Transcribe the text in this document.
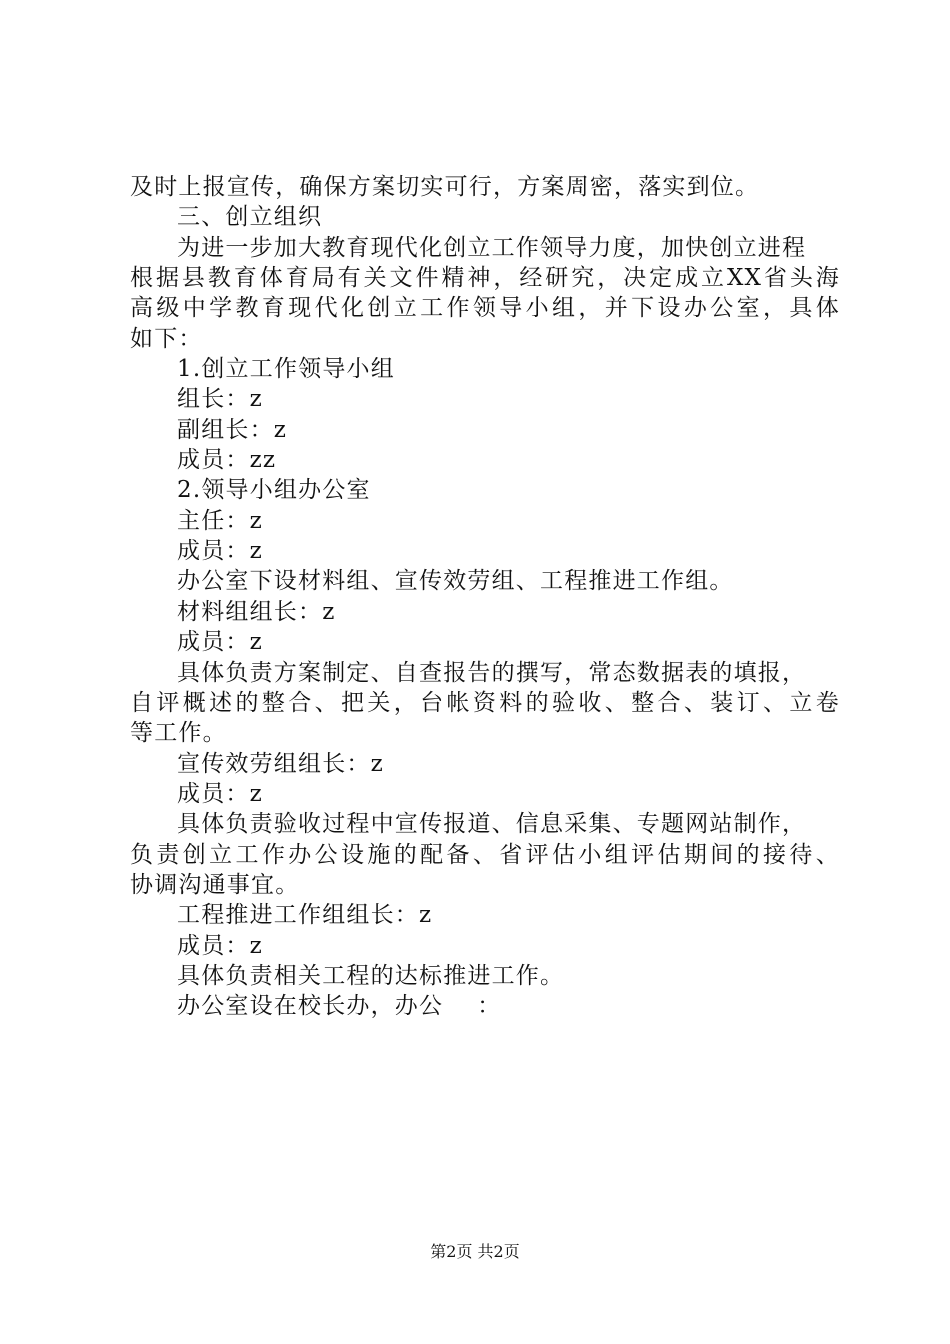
及时上报宣传，确保方案切实可行，方案周密，落实到位。
三、创立组织
为进一步加大教育现代化创立工作领导力度，加快创立进程
根据县教育体育局有关文件精神，经研究，决定成立XX省头海
高级中学教育现代化创立工作领导小组，并下设办公室，具体
如下：
1.创立工作领导小组
组长：z
副组长：z
成员：zz
2.领导小组办公室
主任：z
成员：z
办公室下设材料组、宣传效劳组、工程推进工作组。
材料组组长：z
成员：z
具体负责方案制定、自查报告的撰写，常态数据表的填报，
自评概述的整合、把关，台帐资料的验收、整合、装订、立卷
等工作。
宣传效劳组组长：z
成员：z
具体负责验收过程中宣传报道、信息采集、专题网站制作，
负责创立工作办公设施的配备、省评估小组评估期间的接待、
协调沟通事宜。
工程推进工作组组长：z
成员：z
具体负责相关工程的达标推进工作。
办公室设在校长办，办公    ：
第2页 共2页
